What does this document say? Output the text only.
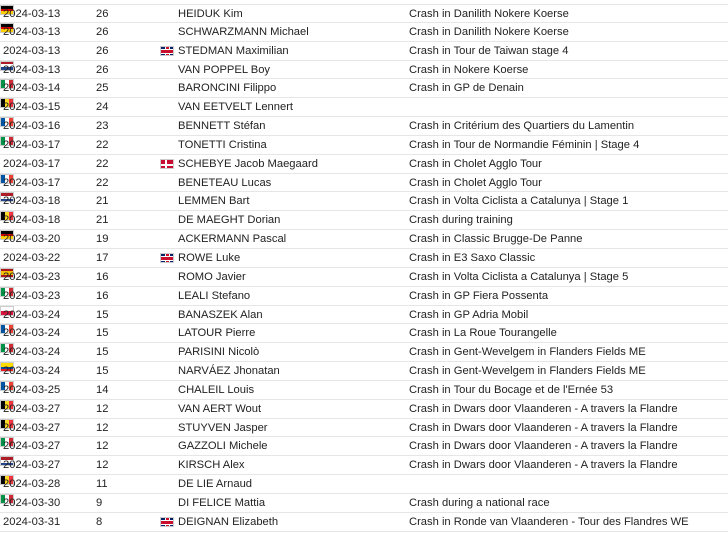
2024-03-13	26	HEIDUK Kim	Crash in Danilith Nokere Koerse
2024-03-13	26	SCHWARZMANN Michael	Crash in Danilith Nokere Koerse
2024-03-13	26	STEDMAN Maximilian	Crash in Tour de Taiwan stage 4
2024-03-13	26	VAN POPPEL Boy	Crash in Nokere Koerse
2024-03-14	25	BARONCINI Filippo	Crash in GP de Denain
2024-03-15	24	VAN EETVELT Lennert
2024-03-16	23	BENNETT Stéfan	Crash in Critérium des Quartiers du Lamentin
2024-03-17	22	TONETTI Cristina	Crash in Tour de Normandie Féminin | Stage 4
2024-03-17	22	SCHEBYE Jacob Maegaard	Crash in Cholet Agglo Tour
2024-03-17	22	BENETEAU Lucas	Crash in Cholet Agglo Tour
2024-03-18	21	LEMMEN Bart	Crash in Volta Ciclista a Catalunya | Stage 1
2024-03-18	21	DE MAEGHT Dorian	Crash during training
2024-03-20	19	ACKERMANN Pascal	Crash in Classic Brugge-De Panne
2024-03-22	17	ROWE Luke	Crash in E3 Saxo Classic
2024-03-23	16	ROMO Javier	Crash in Volta Ciclista a Catalunya | Stage 5
2024-03-23	16	LEALI Stefano	Crash in GP Fiera Possenta
2024-03-24	15	BANASZEK Alan	Crash in GP Adria Mobil
2024-03-24	15	LATOUR Pierre	Crash in La Roue Tourangelle
2024-03-24	15	PARISINI Nicolò	Crash in Gent-Wevelgem in Flanders Fields ME
2024-03-24	15	NARVÁEZ Jhonatan	Crash in Gent-Wevelgem in Flanders Fields ME
2024-03-25	14	CHALEIL Louis	Crash in Tour du Bocage et de l'Ernée 53
2024-03-27	12	VAN AERT Wout	Crash in Dwars door Vlaanderen - A travers la Flandre
2024-03-27	12	STUYVEN Jasper	Crash in Dwars door Vlaanderen - A travers la Flandre
2024-03-27	12	GAZZOLI Michele	Crash in Dwars door Vlaanderen - A travers la Flandre
2024-03-27	12	KIRSCH Alex	Crash in Dwars door Vlaanderen - A travers la Flandre
2024-03-28	11	DE LIE Arnaud
2024-03-30	9	DI FELICE Mattia	Crash during a national race
2024-03-31	8	DEIGNAN Elizabeth	Crash in Ronde van Vlaanderen - Tour des Flandres WE
